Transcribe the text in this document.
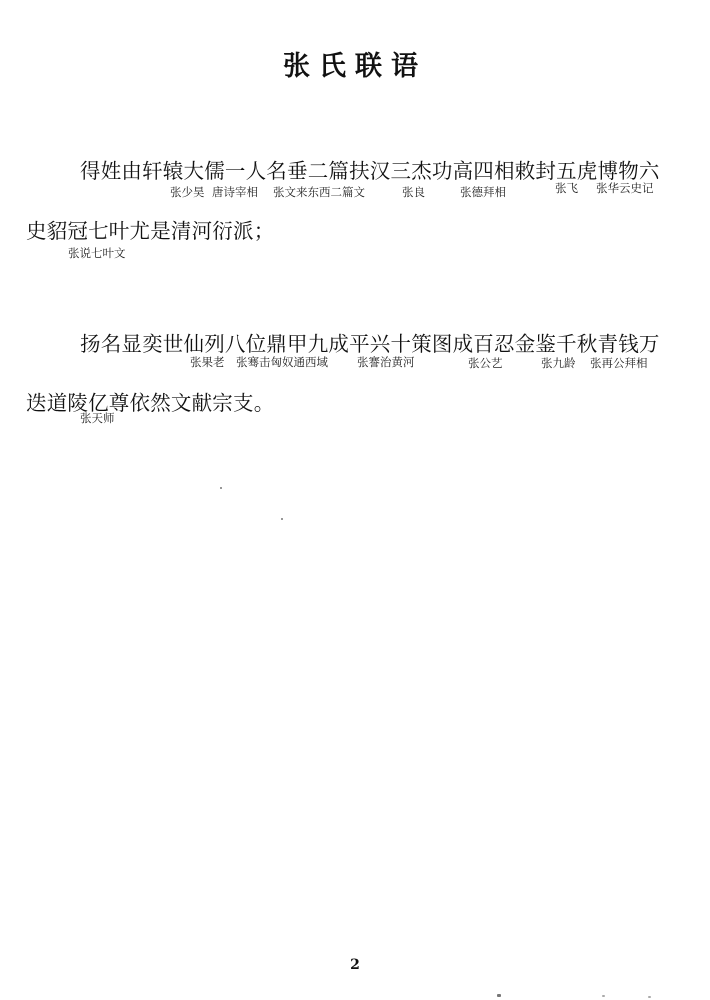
张氏联语
得姓由轩辕大儒一人名垂二篇扶汉三杰功高四相敕封五虎博物六
张少昊 唐诗宰相 张文来东西二篇文	张良	张德拜相	张飞 张华云史记
史貂冠七叶尤是清河衍派；
张说七叶文
扬名显奕世仙列八位鼎甲九成平兴十策图成百忍金鉴千秋青钱万
张果老 张骞击匈奴通西域	张謇治黄河	张公艺	张九龄 张再公拜相
迭道陵亿尊依然文献宗支。
张天师
2
